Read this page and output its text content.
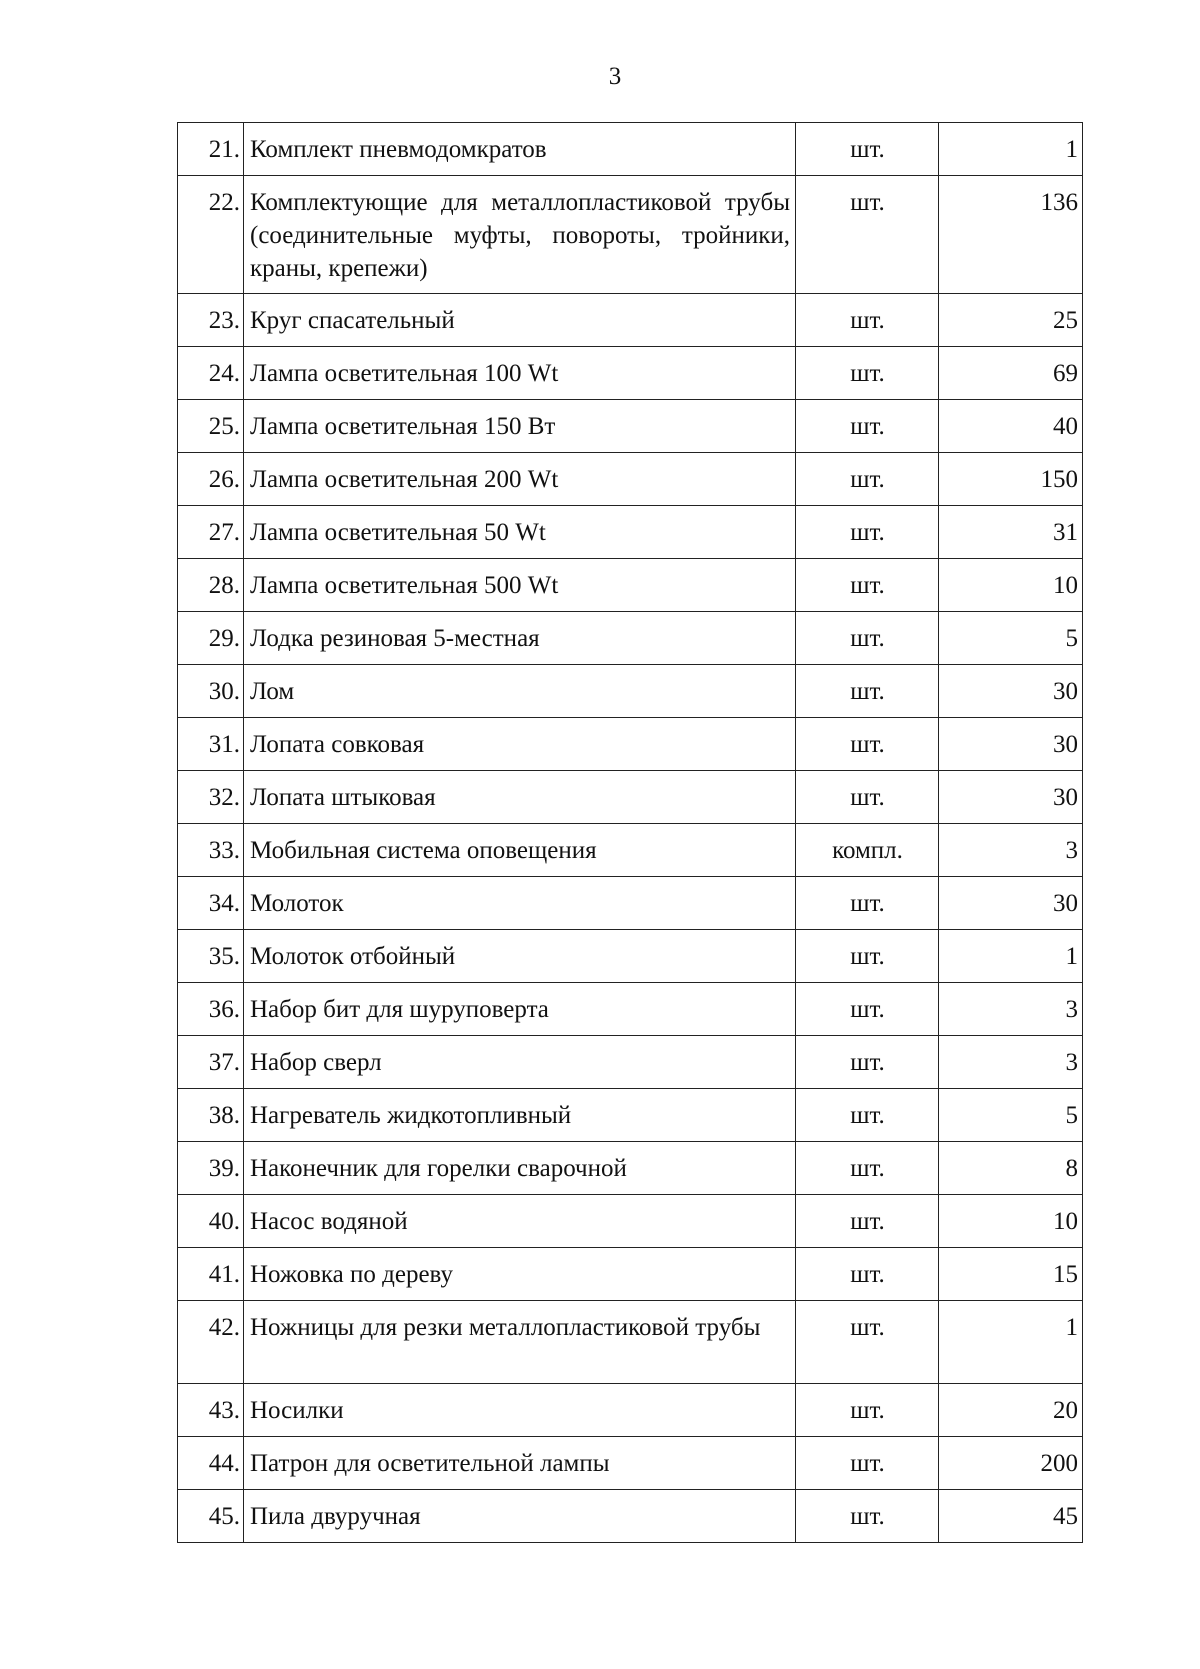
3
21.	Комплект пневмодомкратов	шт.	1
22.	Комплектующие для металлопластиковой трубы (соединительные муфты, повороты, тройники, краны, крепежи)	шт.	136
23.	Круг спасательный	шт.	25
24.	Лампа осветительная 100 Wt	шт.	69
25.	Лампа осветительная 150 Вт	шт.	40
26.	Лампа осветительная 200 Wt	шт.	150
27.	Лампа осветительная 50 Wt	шт.	31
28.	Лампа осветительная 500 Wt	шт.	10
29.	Лодка резиновая 5-местная	шт.	5
30.	Лом	шт.	30
31.	Лопата совковая	шт.	30
32.	Лопата штыковая	шт.	30
33.	Мобильная система оповещения	компл.	3
34.	Молоток	шт.	30
35.	Молоток отбойный	шт.	1
36.	Набор бит для шуруповерта	шт.	3
37.	Набор сверл	шт.	3
38.	Нагреватель жидкотопливный	шт.	5
39.	Наконечник для горелки сварочной	шт.	8
40.	Насос водяной	шт.	10
41.	Ножовка по дереву	шт.	15
42.	Ножницы для резки металлопластиковой трубы	шт.	1
43.	Носилки	шт.	20
44.	Патрон для осветительной лампы	шт.	200
45.	Пила двуручная	шт.	45
